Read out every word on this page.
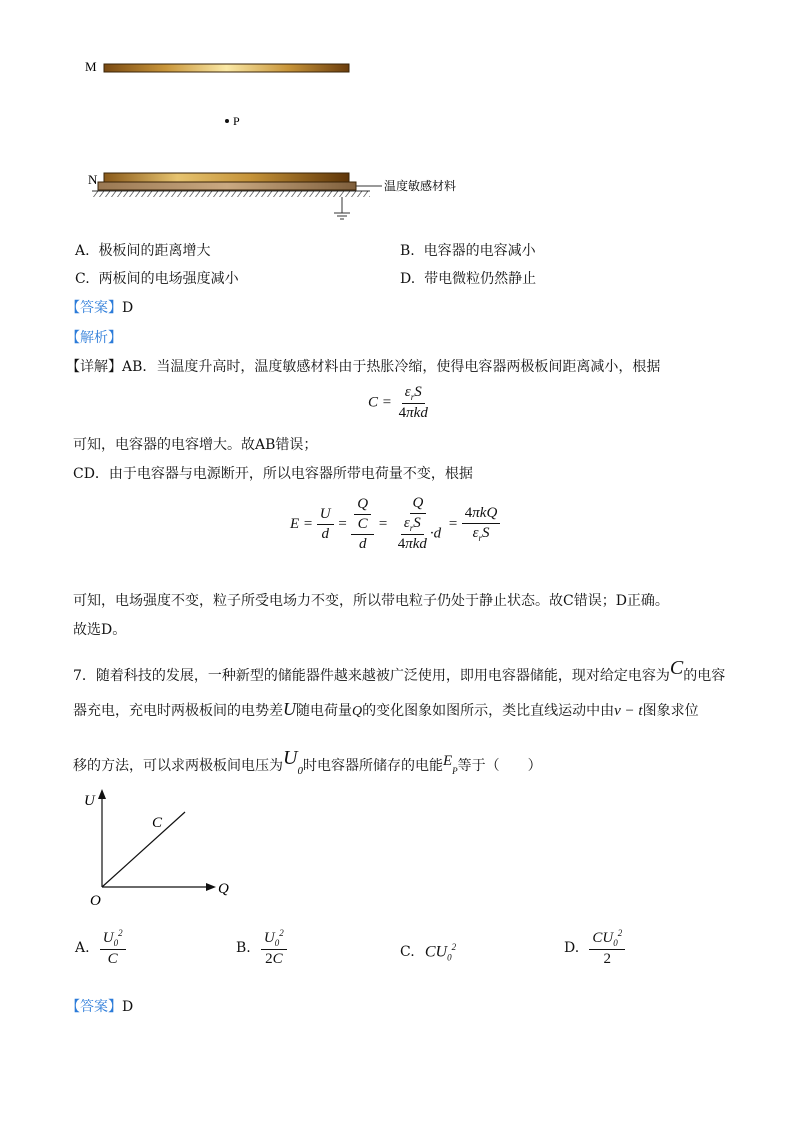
M
P
N	温度敏感材料
A. 极板间的距离增大	B. 电容器的电容减小
C. 两板间的电场强度减小	D. 带电微粒仍然静止
【答案】D
【解析】
【详解】AB．当温度升高时，温度敏感材料由于热胀冷缩，使得电容器两极板间距离减小，根据
$C = \frac{\varepsilon_rS}{\text{4πkd}}$
可知，电容器的电容增大。故AB错误；
CD．由于电容器与电源断开，所以电容器所带电荷量不变，根据
$E = \frac{U}{d} = \frac{\frac{Q}{C}}{d} = \frac{Q}{\frac{\varepsilon_rS}{\text{4πkd}} \cdot d} = \frac{\text{4πkQ}}{\varepsilon_rS}$
可知，电场强度不变，粒子所受电场力不变，所以带电粒子仍处于静止状态。故C错误；D正确。
故选D。
7．随着科技的发展，一种新型的储能器件越来越被广泛使用，即用电容器储能，现对给定电容为C的电容
器充电，充电时两极板间的电势差U随电荷量Q的变化图象如图所示，类比直线运动中由v − t图象求位
移的方法，可以求两极板间电压为$U_0$时电容器所储存的电能$E_P$等于（　　）
U
Q
O
C
A.
$\frac{U_0^2}{C}$	B.
$\frac{U_0^2}{2C}$	C.
$CU_0^2$	D.
$\frac{CU_0^2}{2}$
【答案】D
